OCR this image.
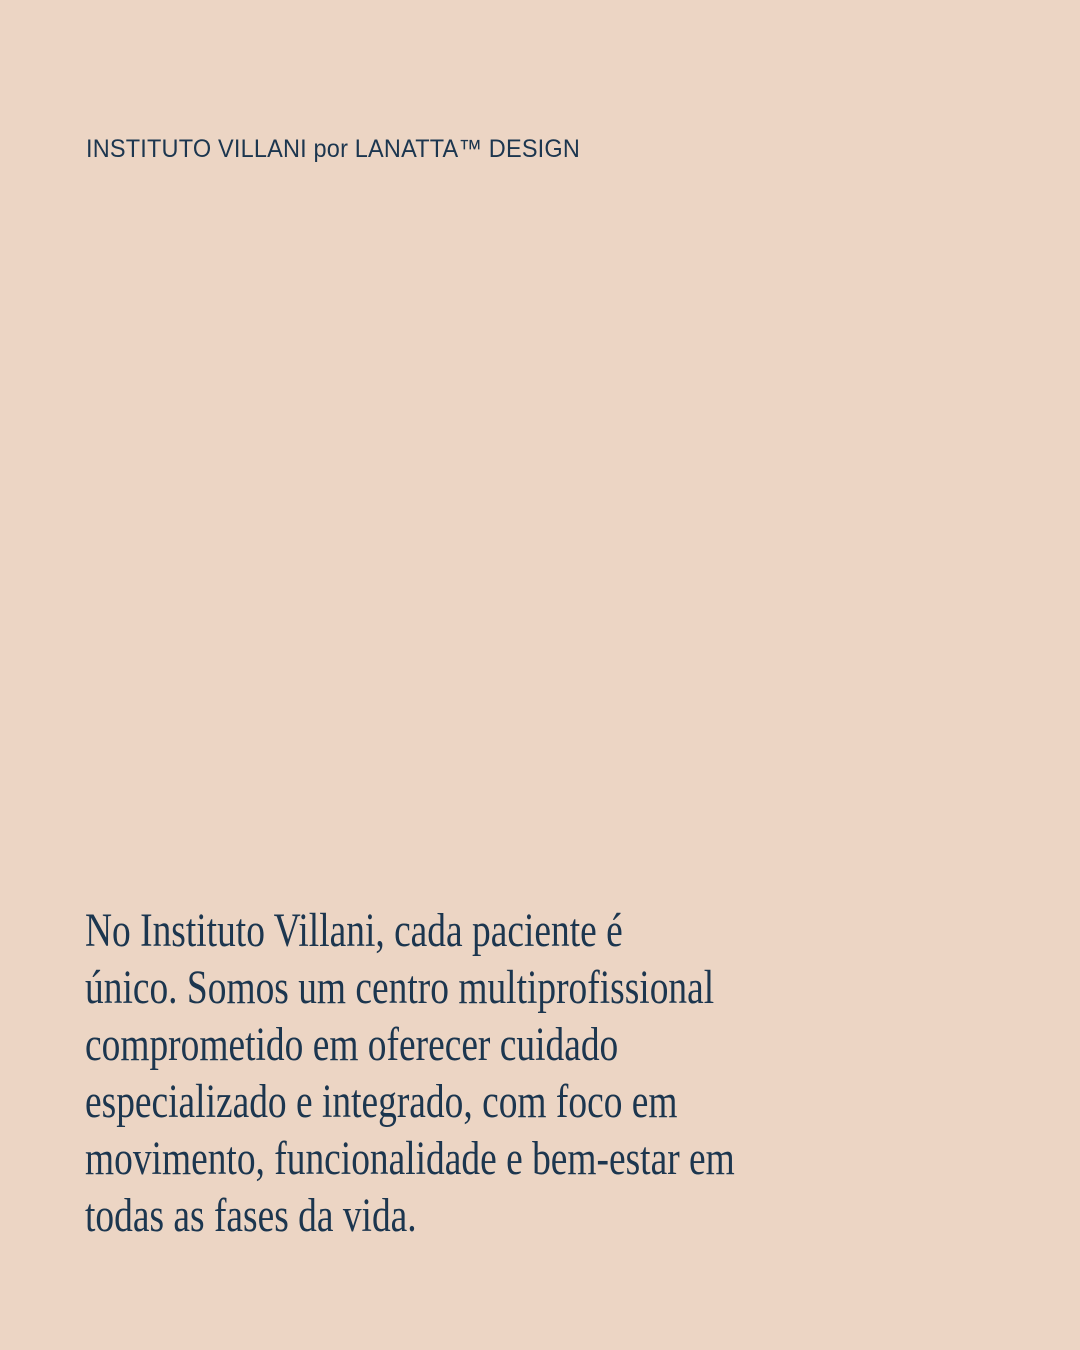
INSTITUTO VILLANI por LANATTA™ DESIGN
No Instituto Villani, cada paciente é
único. Somos um centro multiprofissional
comprometido em oferecer cuidado
especializado e integrado, com foco em
movimento, funcionalidade e bem-estar em
todas as fases da vida.
